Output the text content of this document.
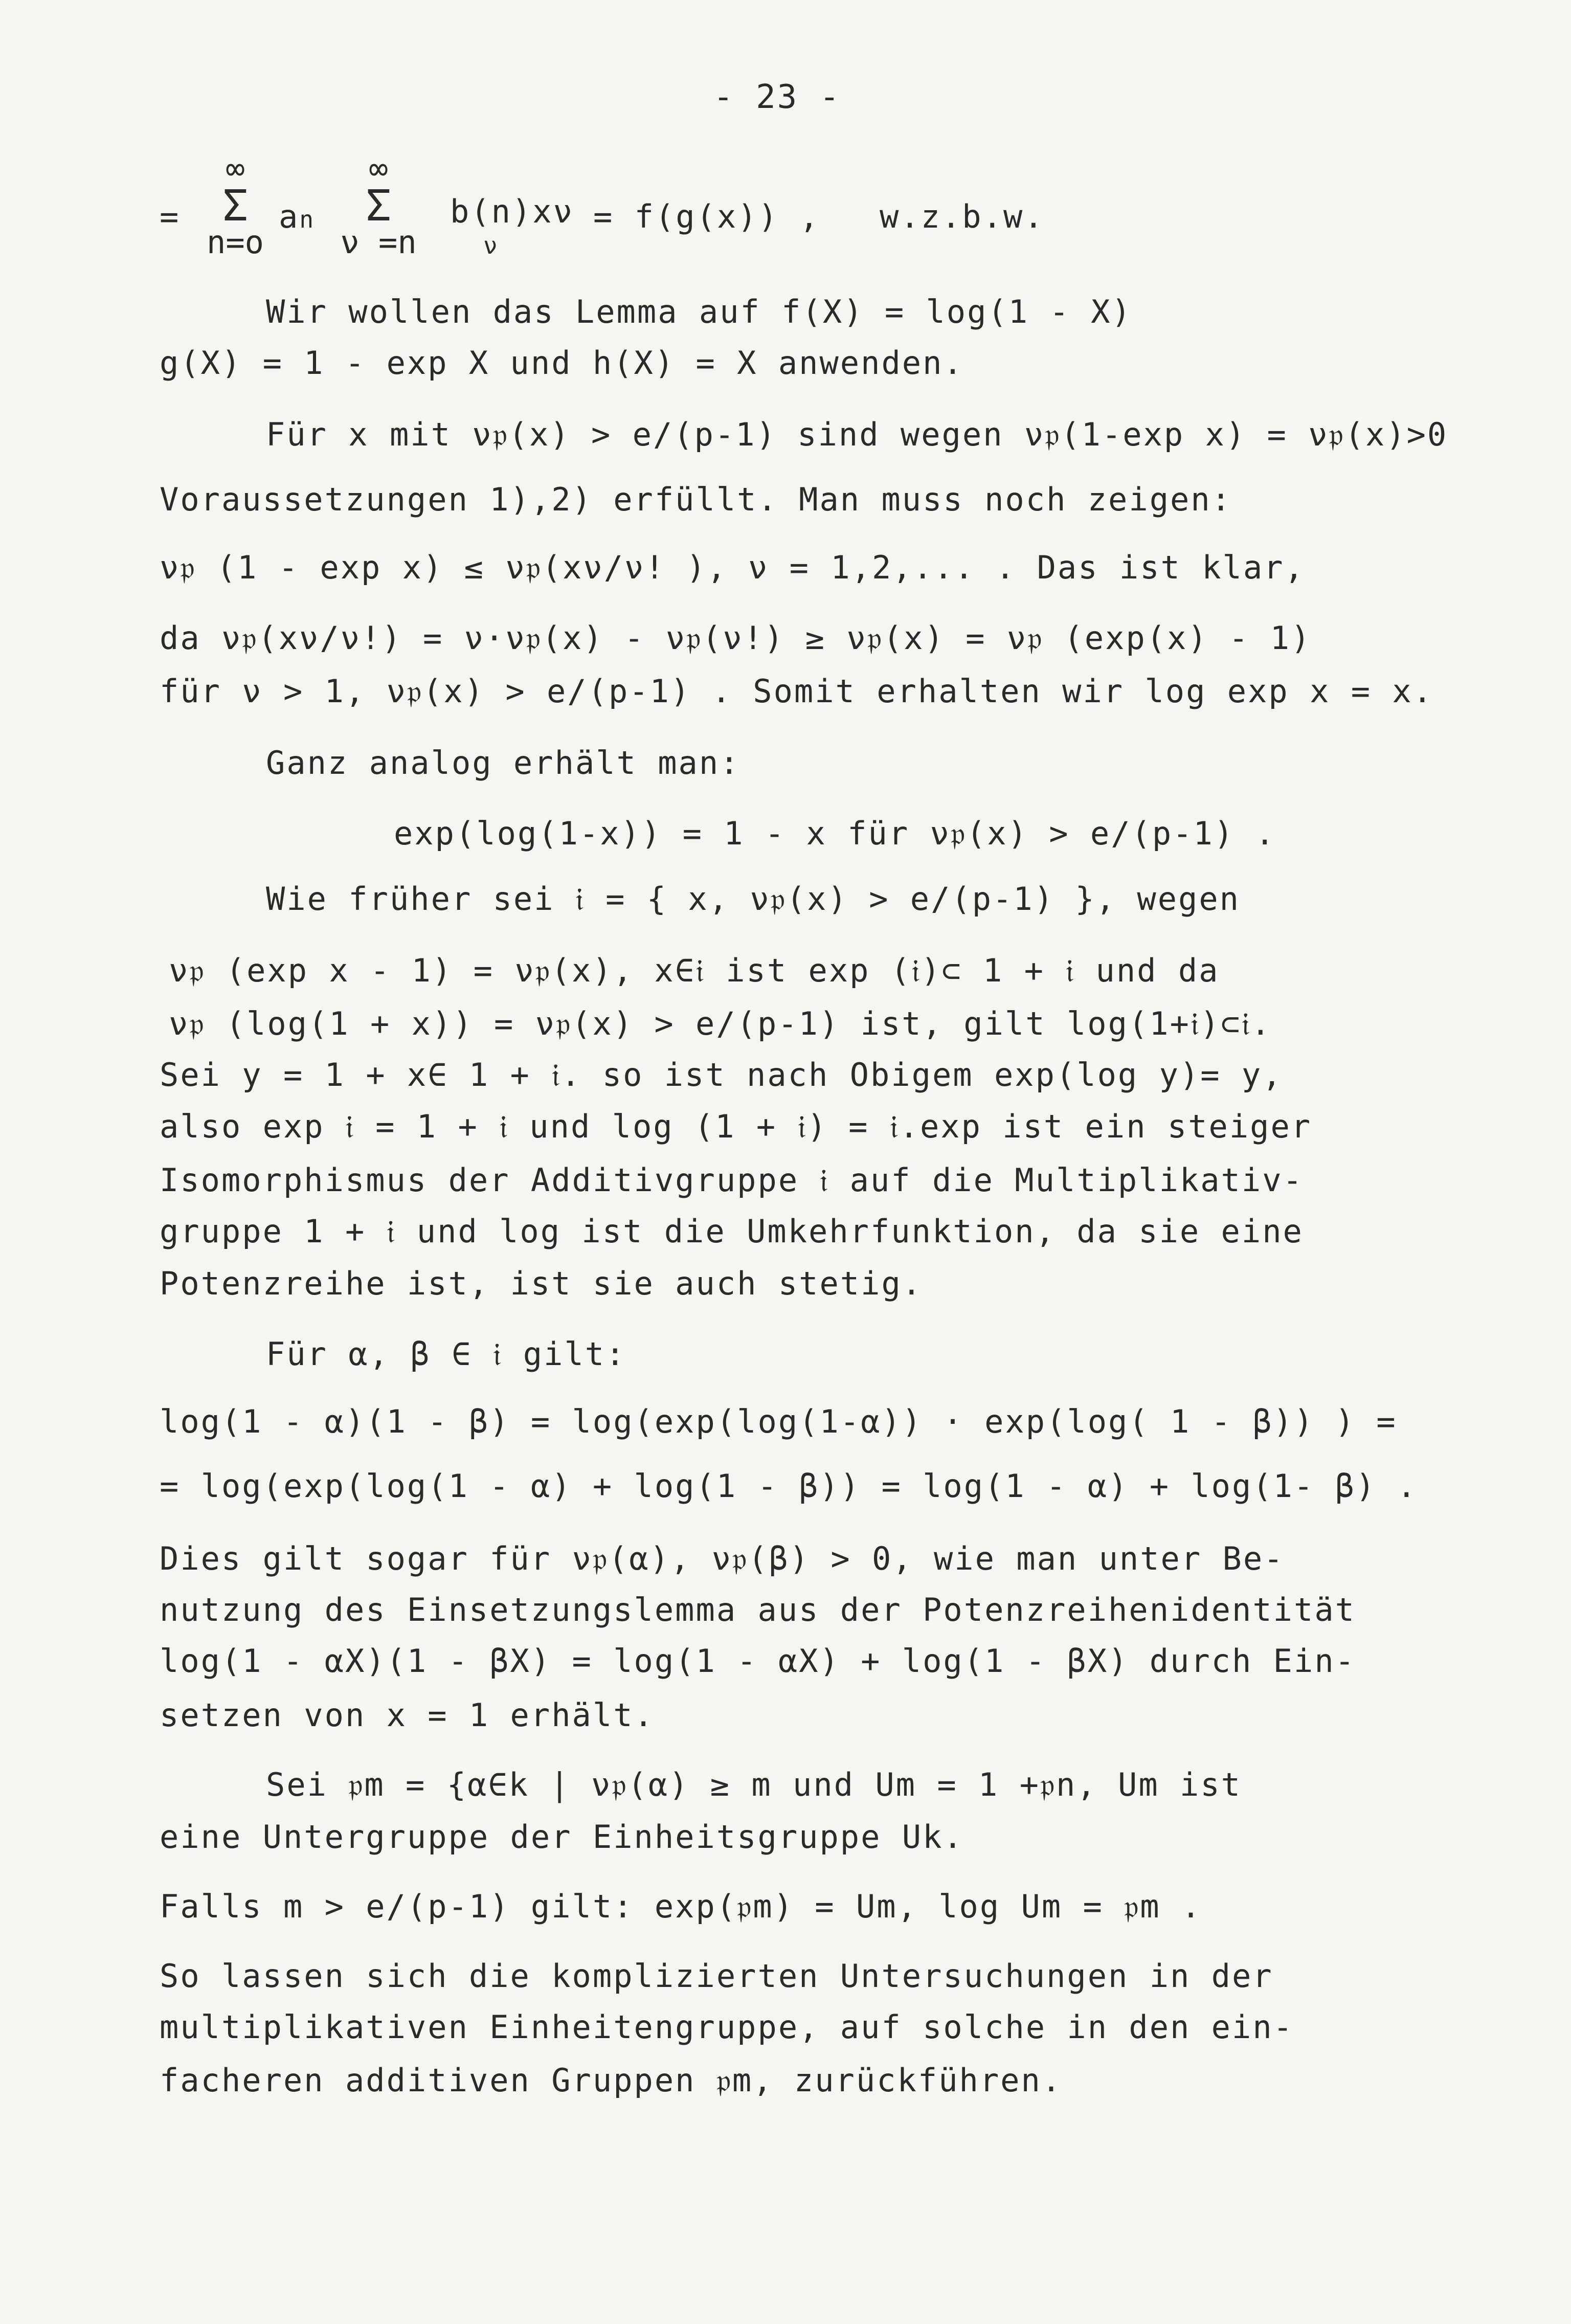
- 23 -
=
∞
Σ
n=o
an
∞
Σ
ν =n
b(n)xν
ν
= f(g(x)) , w.z.b.w.

Wir wollen das Lemma auf f(X) = log(1 - X)

g(X) = 1 - exp X und h(X) = X anwenden.

Für x mit ν𝔭(x) > e/(p-1) sind wegen ν𝔭(1-exp x) = ν𝔭(x)>0

Voraussetzungen 1),2) erfüllt. Man muss noch zeigen:

ν𝔭 (1 - exp x) ≤ ν𝔭(xν/ν! ), ν = 1,2,... . Das ist klar,

da ν𝔭(xν/ν!) = ν·ν𝔭(x) - ν𝔭(ν!) ≥ ν𝔭(x) = ν𝔭 (exp(x) - 1)

für ν > 1, ν𝔭(x) > e/(p-1) . Somit erhalten wir log exp x = x.

Ganz analog erhält man:

exp(log(1-x)) = 1 - x für ν𝔭(x) > e/(p-1) .

Wie früher sei 𝔦 = { x, ν𝔭(x) > e/(p-1) }, wegen

ν𝔭 (exp x - 1) = ν𝔭(x), x∈𝔦 ist exp (𝔦)⊂ 1 + 𝔦 und da

ν𝔭 (log(1 + x)) = ν𝔭(x) > e/(p-1) ist, gilt log(1+𝔦)⊂𝔦.

Sei y = 1 + x∈ 1 + 𝔦. so ist nach Obigem exp(log y)= y,

also exp 𝔦 = 1 + 𝔦 und log (1 + 𝔦) = 𝔦.exp ist ein steiger

Isomorphismus der Additivgruppe 𝔦 auf die Multiplikativ-

gruppe 1 + 𝔦 und log ist die Umkehrfunktion, da sie eine

Potenzreihe ist, ist sie auch stetig.

Für α, β ∈ 𝔦 gilt:

log(1 - α)(1 - β) = log(exp(log(1-α)) · exp(log( 1 - β)) ) =

= log(exp(log(1 - α) + log(1 - β)) = log(1 - α) + log(1- β) .

Dies gilt sogar für ν𝔭(α), ν𝔭(β) > 0, wie man unter Be-

nutzung des Einsetzungslemma aus der Potenzreihenidentität

log(1 - αX)(1 - βX) = log(1 - αX) + log(1 - βX) durch Ein-

setzen von x = 1 erhält.

Sei 𝔭m = {α∈k | ν𝔭(α) ≥ m und Um = 1 +𝔭n, Um ist

eine Untergruppe der Einheitsgruppe Uk.

Falls m > e/(p-1) gilt: exp(𝔭m) = Um, log Um = 𝔭m .

So lassen sich die komplizierten Untersuchungen in der

multiplikativen Einheitengruppe, auf solche in den ein-

facheren additiven Gruppen 𝔭m, zurückführen.
